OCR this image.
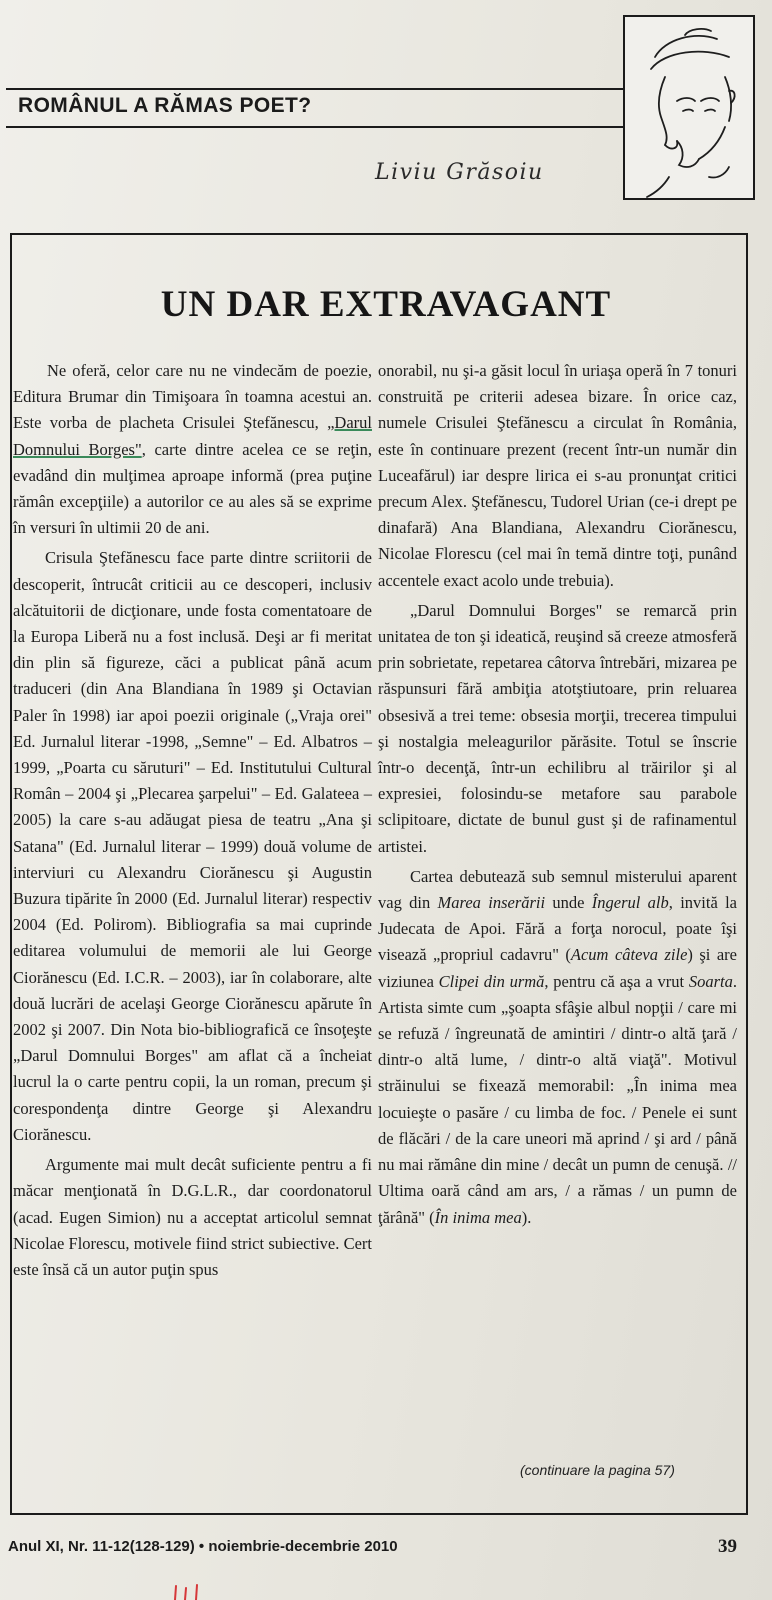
ROMÂNUL A RĂMAS POET?
Liviu Grăsoiu
UN DAR EXTRAVAGANT

Ne oferă, celor care nu ne vindecăm de poezie, Editura Brumar din Timişoara în toamna acestui an. Este vorba de placheta Crisulei Ştefănescu, „Darul Domnului Borges", carte dintre acelea ce se reţin, evadând din mulţimea aproape informă (prea puţine rămân excepţiile) a autorilor ce au ales să se exprime în versuri în ultimii 20 de ani.

Crisula Ştefănescu face parte dintre scriitorii de descoperit, întrucât criticii au ce descoperi, inclusiv alcătuitorii de dicţionare, unde fosta comentatoare de la Europa Liberă nu a fost inclusă. Deşi ar fi meritat din plin să figureze, căci a publicat până acum traduceri (din Ana Blandiana în 1989 şi Octavian Paler în 1998) iar apoi poezii originale („Vraja orei" Ed. Jurnalul literar -1998, „Semne" – Ed. Albatros – 1999, „Poarta cu săruturi" – Ed. Institutului Cultural Român – 2004 şi „Plecarea şarpelui" – Ed. Galateea – 2005) la care s-au adăugat piesa de teatru „Ana şi Satana" (Ed. Jurnalul literar – 1999) două volume de interviuri cu Alexandru Ciorănescu şi Augustin Buzura tipărite în 2000 (Ed. Jurnalul literar) respectiv 2004 (Ed. Polirom). Bibliografia sa mai cuprinde editarea volumului de memorii ale lui George Ciorănescu (Ed. I.C.R. – 2003), iar în colaborare, alte două lucrări de acelaşi George Ciorănescu apărute în 2002 şi 2007. Din Nota bio-bibliografică ce însoţeşte „Darul Domnului Borges" am aflat că a încheiat lucrul la o carte pentru copii, la un roman, precum şi corespondenţa dintre George şi Alexandru Ciorănescu.

Argumente mai mult decât suficiente pentru a fi măcar menţionată în D.G.L.R., dar coordonatorul (acad. Eugen Simion) nu a acceptat articolul semnat Nicolae Florescu, motivele fiind strict subiective. Cert este însă că un autor puţin spus

onorabil, nu şi-a găsit locul în uriaşa operă în 7 tonuri construită pe criterii adesea bizare. În orice caz, numele Crisulei Ştefănescu a circulat în România, este în continuare prezent (recent într-un număr din Luceafărul) iar despre lirica ei s-au pronunţat critici precum Alex. Ştefănescu, Tudorel Urian (ce-i drept pe dinafară) Ana Blandiana, Alexandru Ciorănescu, Nicolae Florescu (cel mai în temă dintre toţi, punând accentele exact acolo unde trebuia).

„Darul Domnului Borges" se remarcă prin unitatea de ton şi ideatică, reuşind să creeze atmosferă prin sobrietate, repetarea câtorva întrebări, mizarea pe răspunsuri fără ambiţia atotştiutoare, prin reluarea obsesivă a trei teme: obsesia morţii, trecerea timpului şi nostalgia meleagurilor părăsite. Totul se înscrie într-o decenţă, într-un echilibru al trăirilor şi al expresiei, folosindu-se metafore sau parabole sclipitoare, dictate de bunul gust şi de rafinamentul artistei.

Cartea debutează sub semnul misterului aparent vag din Marea inserării unde Îngerul alb, invită la Judecata de Apoi. Fără a forţa norocul, poate îşi visează „propriul cadavru" (Acum câteva zile) şi are viziunea Clipei din urmă, pentru că aşa a vrut Soarta. Artista simte cum „şoapta sfâşie albul nopţii / care mi se refuză / îngreunată de amintiri / dintr-o altă ţară / dintr-o altă lume, / dintr-o altă viaţă". Motivul străinului se fixează memorabil: „În inima mea locuieşte o pasăre / cu limba de foc. / Penele ei sunt de flăcări / de la care uneori mă aprind / şi ard / până nu mai rămâne din mine / decât un pumn de cenuşă. // Ultima oară când am ars, / a rămas / un pumn de ţărână" (În inima mea).

(continuare la pagina 57)
Anul XI, Nr. 11-12(128-129) • noiembrie-decembrie 2010	39
